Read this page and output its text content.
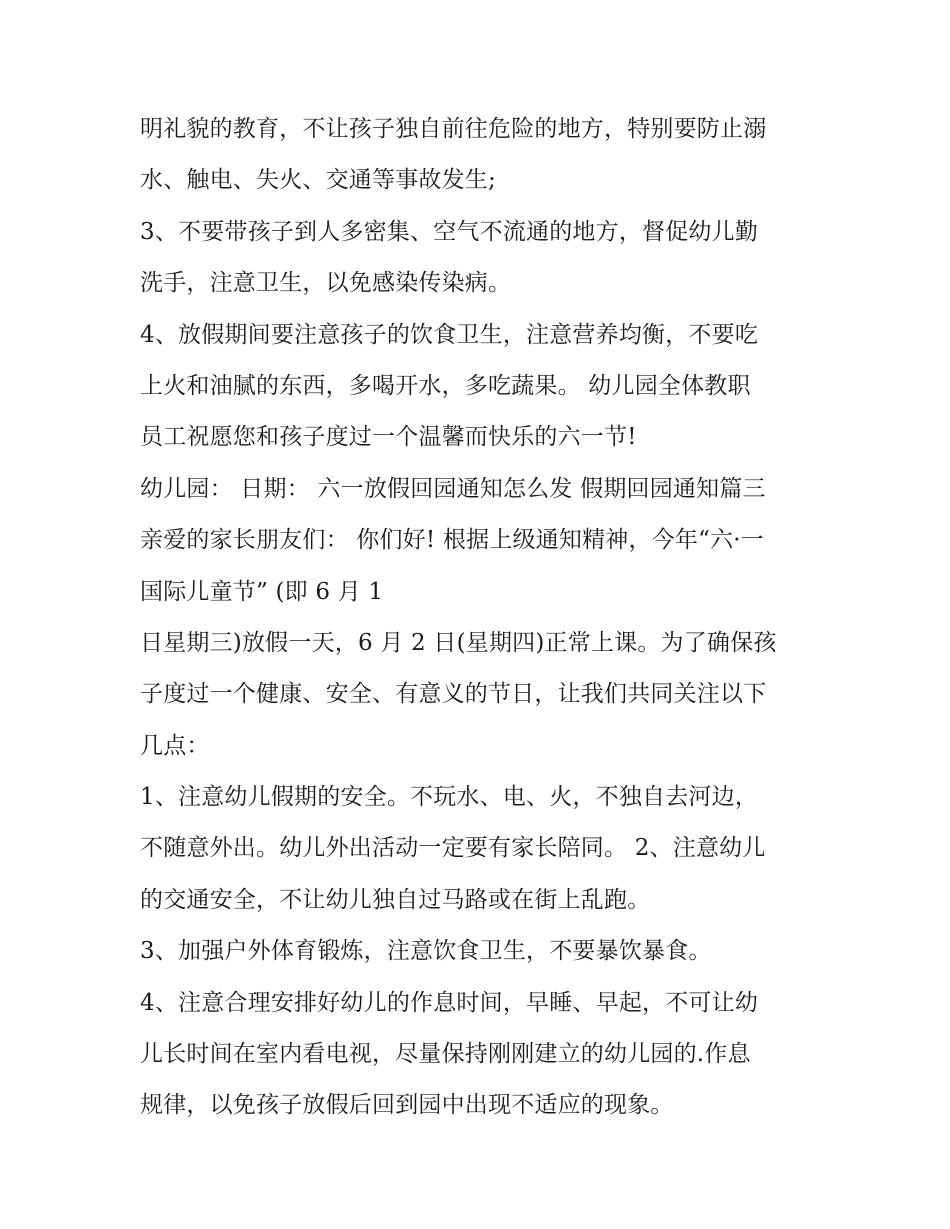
明礼貌的教育，不让孩子独自前往危险的地方，特别要防止溺
水、触电、失火、交通等事故发生;
3、不要带孩子到人多密集、空气不流通的地方，督促幼儿勤
洗手，注意卫生，以免感染传染病。
4、放假期间要注意孩子的饮食卫生，注意营养均衡，不要吃
上火和油腻的东西，多喝开水，多吃蔬果。 幼儿园全体教职
员工祝愿您和孩子度过一个温馨而快乐的六一节!
幼儿园： 日期： 六一放假回园通知怎么发 假期回园通知篇三
亲爱的家长朋友们： 你们好! 根据上级通知精神，今年“六·一
国际儿童节” (即 6 月 1
日星期三)放假一天，6 月 2 日(星期四)正常上课。为了确保孩
子度过一个健康、安全、有意义的节日，让我们共同关注以下
几点：
1、注意幼儿假期的安全。不玩水、电、火，不独自去河边，
不随意外出。幼儿外出活动一定要有家长陪同。 2、注意幼儿
的交通安全，不让幼儿独自过马路或在街上乱跑。
3、加强户外体育锻炼，注意饮食卫生，不要暴饮暴食。
4、注意合理安排好幼儿的作息时间，早睡、早起，不可让幼
儿长时间在室内看电视，尽量保持刚刚建立的幼儿园的.作息
规律，以免孩子放假后回到园中出现不适应的现象。
